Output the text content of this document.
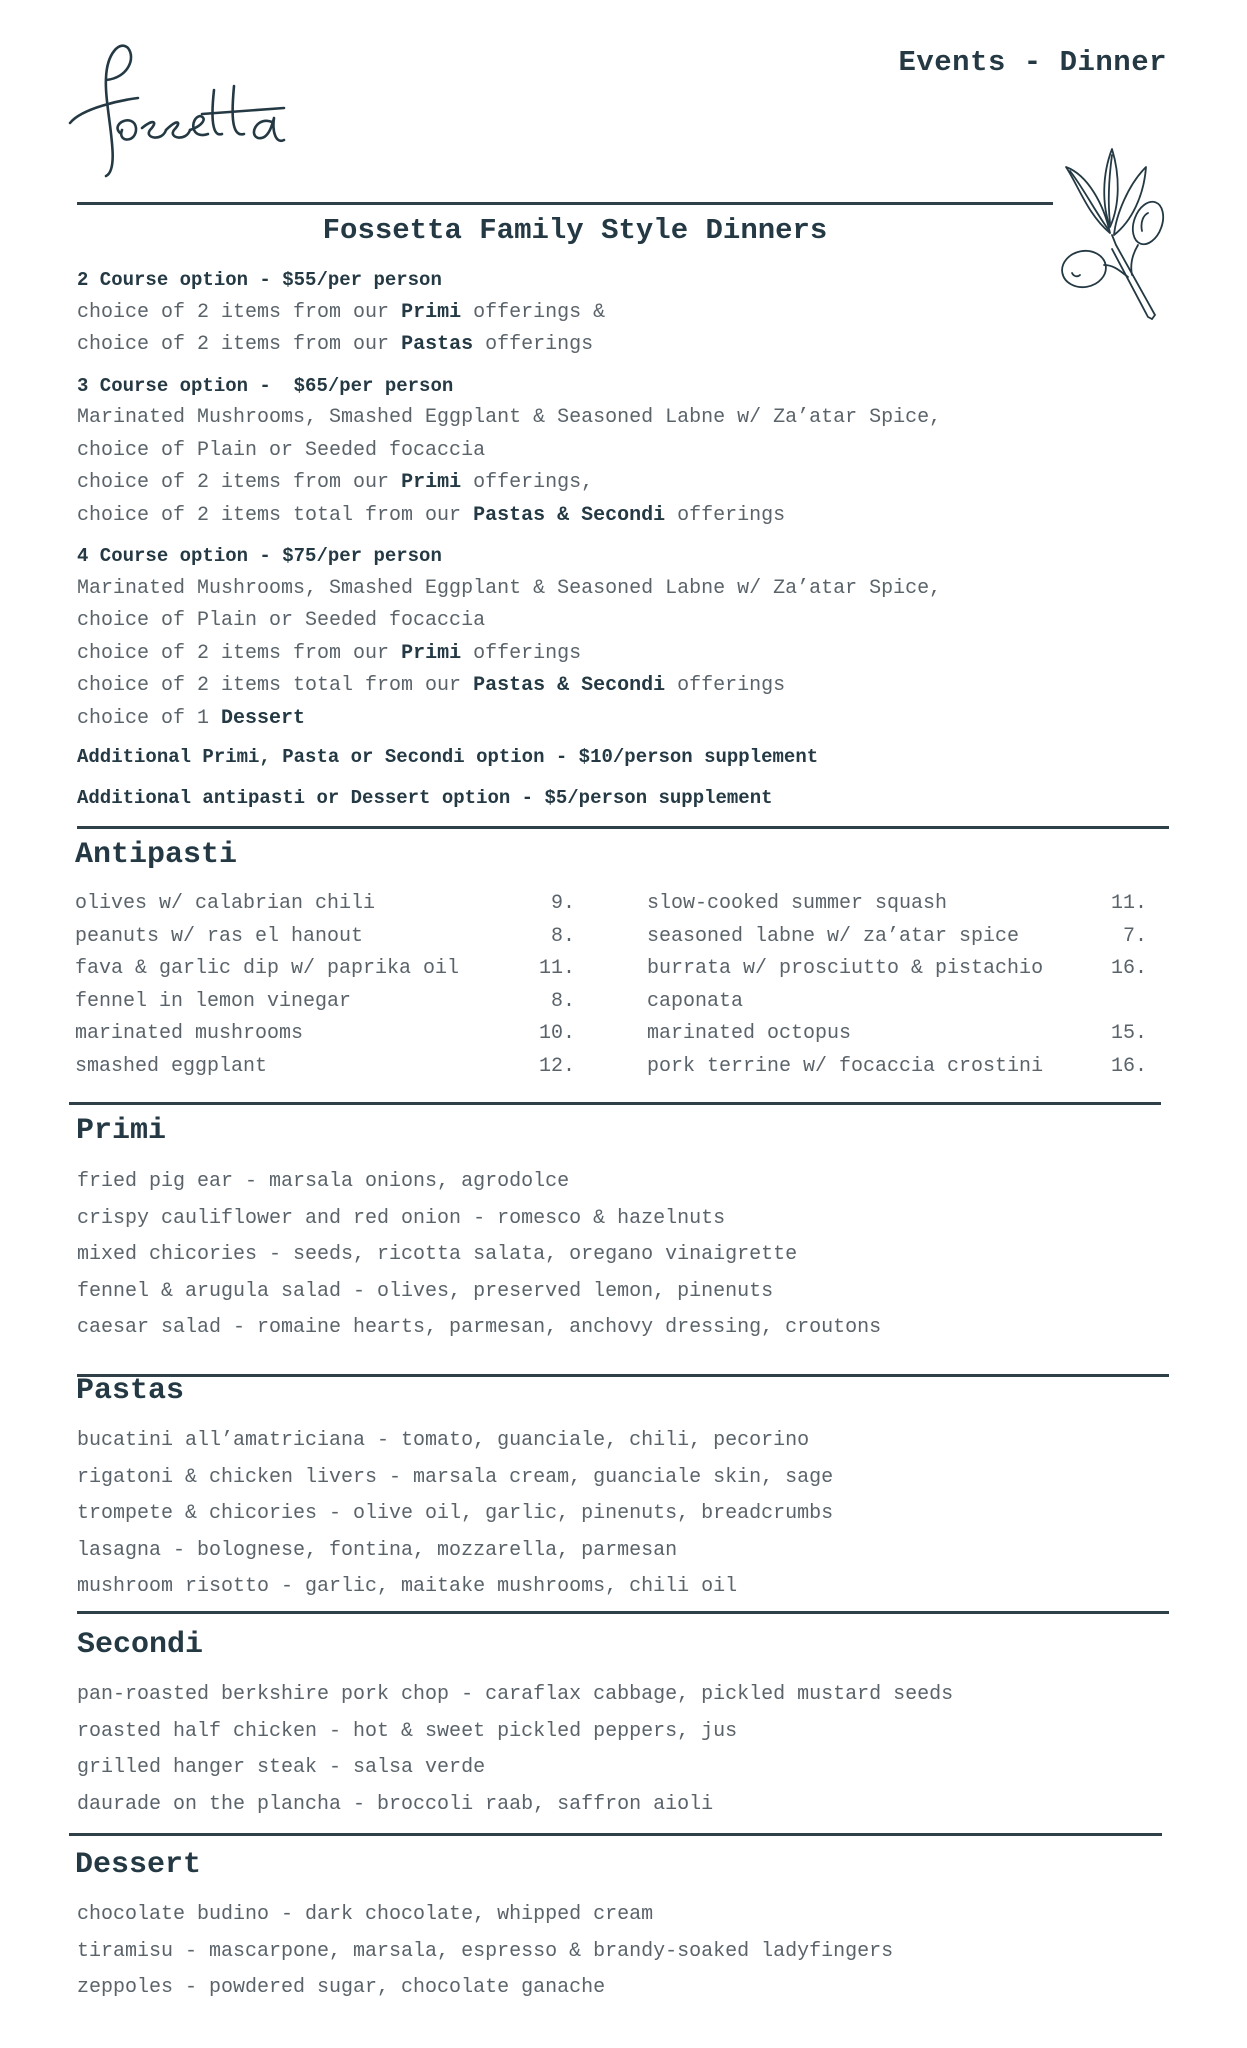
Events - Dinner
Fossetta Family Style Dinners
2 Course option - $55/per person
choice of 2 items from our Primi offerings &
choice of 2 items from our Pastas offerings
3 Course option -  $65/per person
Marinated Mushrooms, Smashed Eggplant & Seasoned Labne w/ Za’atar Spice,
choice of Plain or Seeded focaccia
choice of 2 items from our Primi offerings,
choice of 2 items total from our Pastas & Secondi offerings
4 Course option - $75/per person
Marinated Mushrooms, Smashed Eggplant & Seasoned Labne w/ Za’atar Spice,
choice of Plain or Seeded focaccia
choice of 2 items from our Primi offerings
choice of 2 items total from our Pastas & Secondi offerings
choice of 1 Dessert
Additional Primi, Pasta or Secondi option - $10/person supplement
Additional antipasti or Dessert option - $5/person supplement
Antipasti
olives w/ calabrian chili	9.
peanuts w/ ras el hanout	8.
fava & garlic dip w/ paprika oil	11.
fennel in lemon vinegar	8.
marinated mushrooms	10.
smashed eggplant	12.
slow-cooked summer squash	11.
seasoned labne w/ za’atar spice	7.
burrata w/ prosciutto & pistachio	16.
caponata
marinated octopus	15.
pork terrine w/ focaccia crostini	16.
Primi
fried pig ear - marsala onions, agrodolce
crispy cauliflower and red onion - romesco & hazelnuts
mixed chicories - seeds, ricotta salata, oregano vinaigrette
fennel & arugula salad - olives, preserved lemon, pinenuts
caesar salad - romaine hearts, parmesan, anchovy dressing, croutons
Pastas
bucatini all’amatriciana - tomato, guanciale, chili, pecorino
rigatoni & chicken livers - marsala cream, guanciale skin, sage
trompete & chicories - olive oil, garlic, pinenuts, breadcrumbs
lasagna - bolognese, fontina, mozzarella, parmesan
mushroom risotto - garlic, maitake mushrooms, chili oil
Secondi
pan-roasted berkshire pork chop - caraflax cabbage, pickled mustard seeds
roasted half chicken - hot & sweet pickled peppers, jus
grilled hanger steak - salsa verde
daurade on the plancha - broccoli raab, saffron aioli
Dessert
chocolate budino - dark chocolate, whipped cream
tiramisu - mascarpone, marsala, espresso & brandy-soaked ladyfingers
zeppoles - powdered sugar, chocolate ganache
